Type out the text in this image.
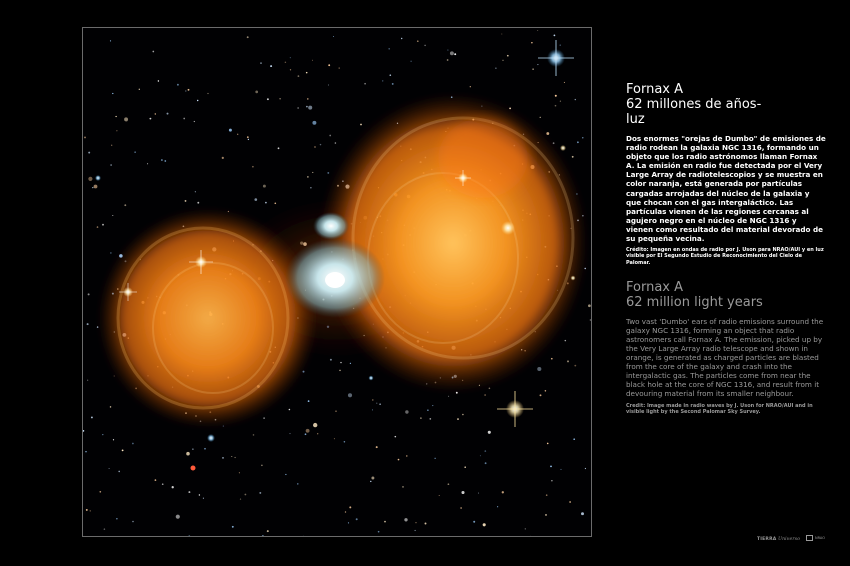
Fornax A
62 millones de años-
luz
Dos enormes "orejas de Dumbo" de emisiones de radio rodean la galaxia NGC 1316, formando un objeto que los radio astrónomos llaman Fornax A. La emisión en radio fue detectada por el Very Large Array de radiotelescopios y se muestra en color naranja, está generada por partículas cargadas arrojadas del núcleo de la galaxia y que chocan con el gas intergaláctico. Las partículas vienen de las regiones cercanas al agujero negro en el núcleo de NGC 1316 y vienen como resultado del material devorado de su pequeña vecina.
Crédito: Imagen en ondas de radio por J. Uson para NRAO/AUI y en luz visible por El Segundo Estudio de Reconocimiento del Cielo de Palomar.
Fornax A
62 million light years
Two vast 'Dumbo' ears of radio emissions surround the galaxy NGC 1316, forming an object that radio astronomers call Fornax A. The emission, picked up by the Very Large Array radio telescope and shown in orange, is generated as charged particles are blasted from the core of the galaxy and crash into the intergalactic gas. The particles come from near the black hole at the core of NGC 1316, and result from it devouring material from its smaller neighbour.
Credit: Image made in radio waves by J. Uson for NRAO/AUI and in visible light by the Second Palomar Sky Survey.
TIERRA Universo	NRAO
